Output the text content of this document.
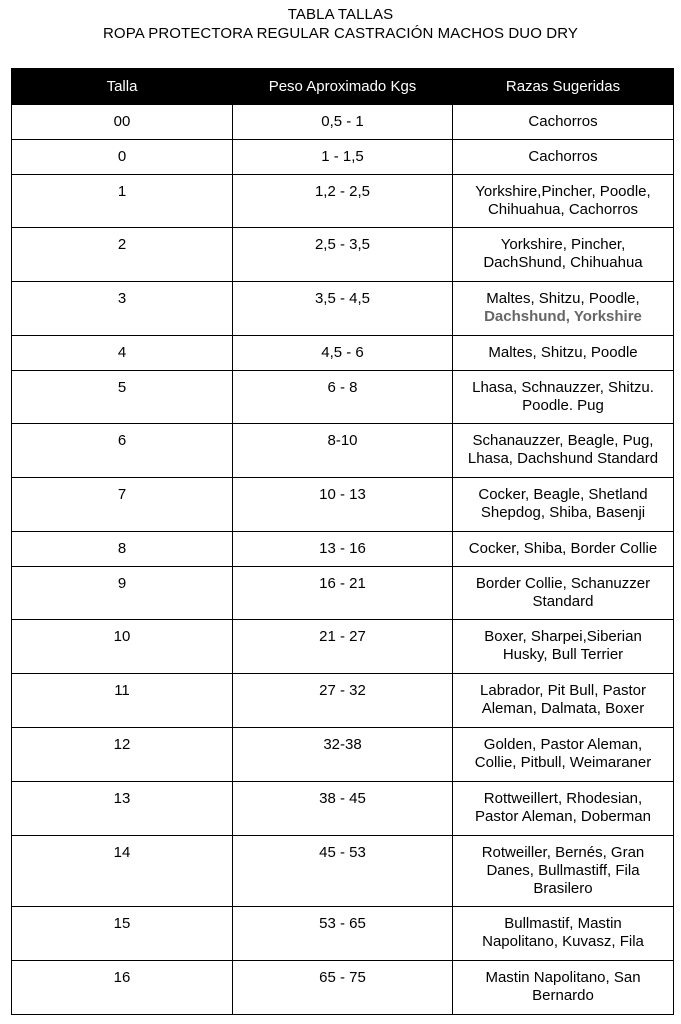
TABLA TALLAS
ROPA PROTECTORA REGULAR CASTRACIÓN MACHOS DUO DRY
Talla	Peso Aproximado Kgs	Razas Sugeridas
00	0,5 - 1	Cachorros

0	1 - 1,5	Cachorros

1	1,2 - 2,5	Yorkshire,Pincher, Poodle,
Chihuahua, Cachorros

2	2,5 - 3,5	Yorkshire, Pincher,
DachShund, Chihuahua

3	3,5 - 4,5	Maltes, Shitzu, Poodle,
Dachshund, Yorkshire

4	4,5 - 6	Maltes, Shitzu, Poodle

5	6 - 8	Lhasa, Schnauzzer, Shitzu.
Poodle. Pug

6	8-10	Schanauzzer, Beagle, Pug,
Lhasa, Dachshund Standard

7	10 - 13	Cocker, Beagle, Shetland
Shepdog, Shiba, Basenji

8	13 - 16	Cocker, Shiba, Border Collie

9	16 - 21	Border Collie, Schanuzzer
Standard

10	21 - 27	Boxer, Sharpei,Siberian
Husky, Bull Terrier

11	27 - 32	Labrador, Pit Bull, Pastor
Aleman, Dalmata, Boxer

12	32-38	Golden, Pastor Aleman,
Collie, Pitbull, Weimaraner

13	38 - 45	Rottweillert, Rhodesian,
Pastor Aleman, Doberman

14	45 - 53	Rotweiller, Bernés, Gran
Danes, Bullmastiff, Fila
Brasilero

15	53 - 65	Bullmastif, Mastin
Napolitano, Kuvasz, Fila

16	65 - 75	Mastin Napolitano, San
Bernardo
